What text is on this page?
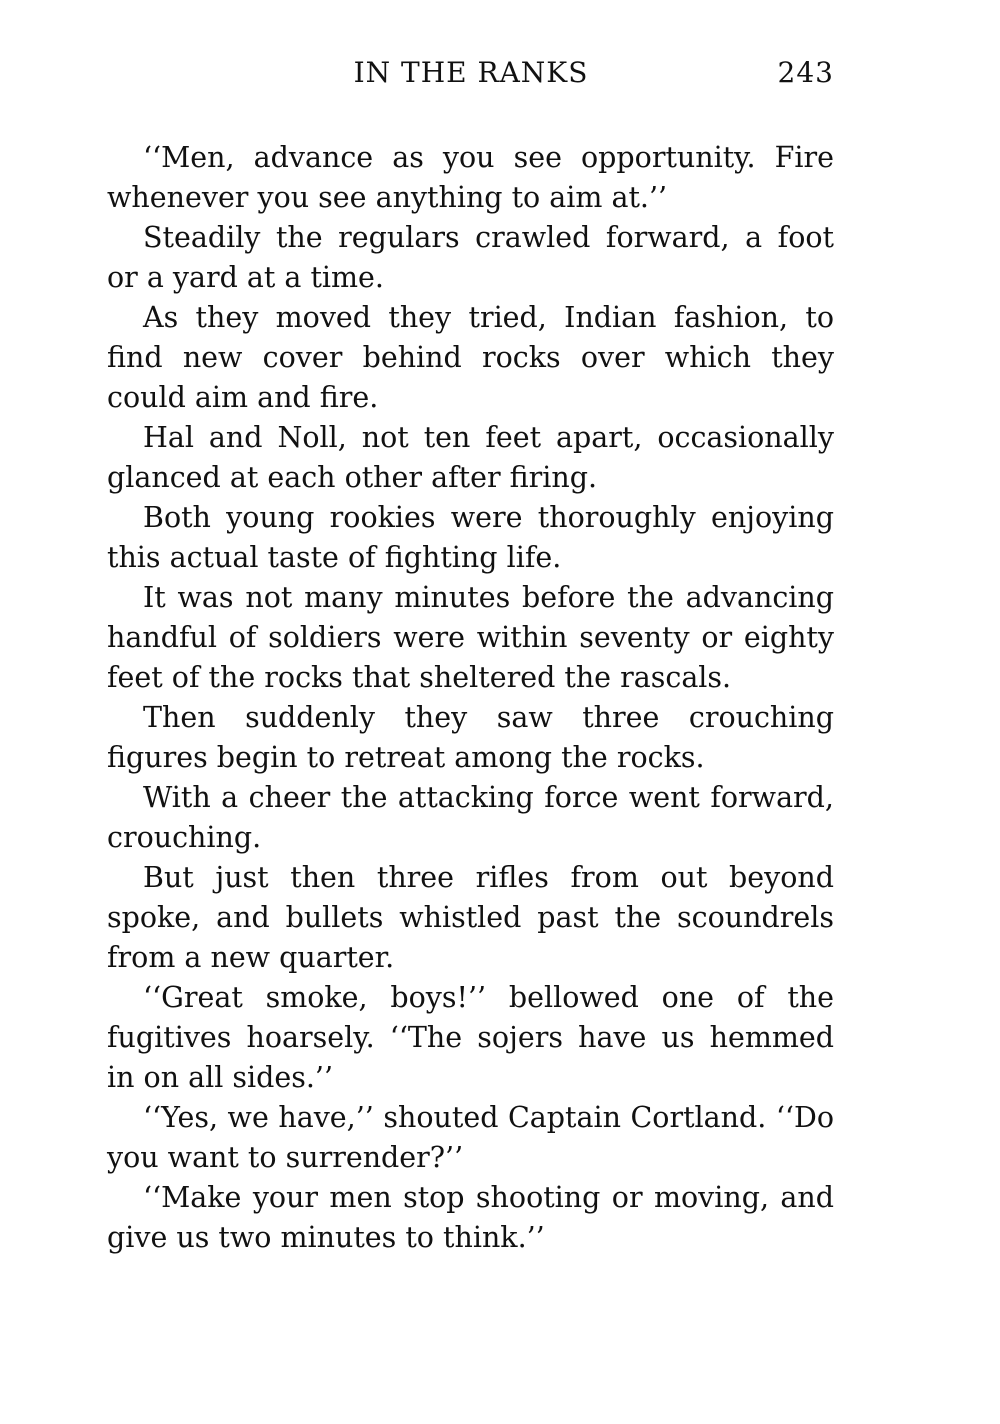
IN THE RANKS	243

‘‘Men, advance as you see opportunity. Fire whenever you see anything to aim at.’’

Steadily the regulars crawled forward, a foot or a yard at a time.

As they moved they tried, Indian fashion, to find new cover behind rocks over which they could aim and fire.

Hal and Noll, not ten feet apart, occasionally glanced at each other after firing.

Both young rookies were thoroughly enjoying this actual taste of fighting life.

It was not many minutes before the advancing handful of soldiers were within seventy or eighty feet of the rocks that sheltered the rascals.

Then suddenly they saw three crouching figures begin to retreat among the rocks.

With a cheer the attacking force went forward, crouching.

But just then three rifles from out beyond spoke, and bullets whistled past the scoundrels from a new quarter.

‘‘Great smoke, boys!’’ bellowed one of the fugitives hoarsely. ‘‘The sojers have us hemmed in on all sides.’’

‘‘Yes, we have,’’ shouted Captain Cortland. ‘‘Do you want to surrender?’’

‘‘Make your men stop shooting or moving, and give us two minutes to think.’’
